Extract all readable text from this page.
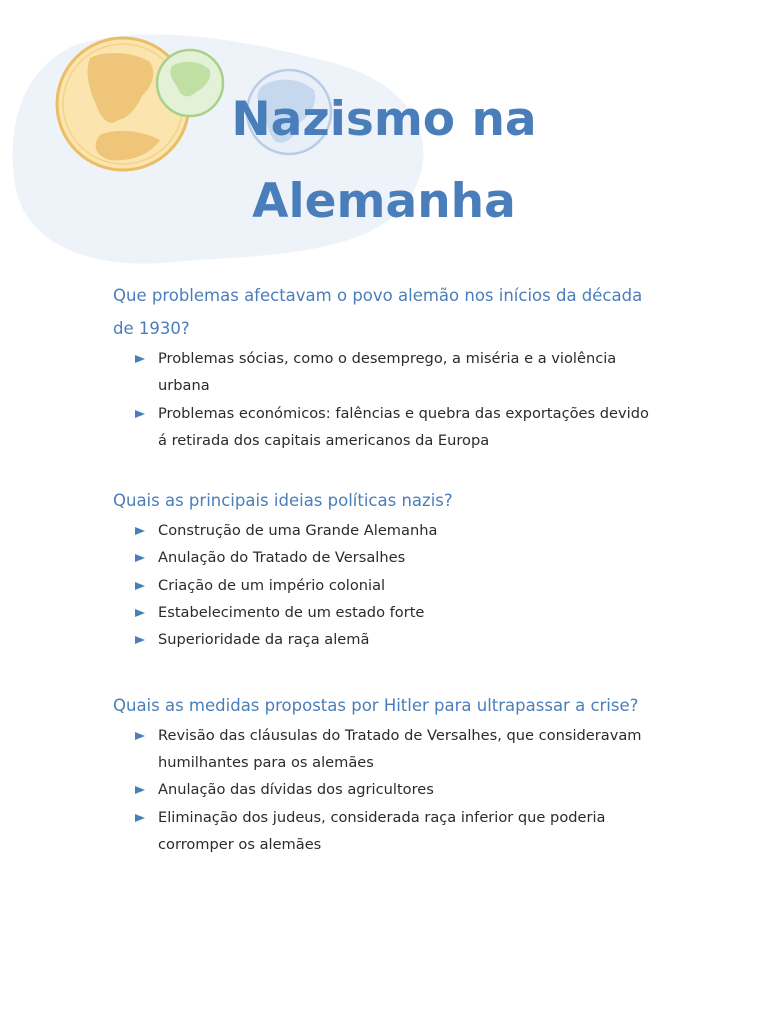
Nazismo na
Alemanha

Que problemas afectavam o povo alemão nos inícios da década de 1930?

Problemas sócias, como o desemprego, a miséria e a violência urbana
Problemas económicos: falências e quebra das exportações devido á retirada dos capitais americanos da Europa

Quais as principais ideias políticas nazis?

Construção de uma Grande Alemanha
Anulação do Tratado de Versalhes
Criação de um império colonial
Estabelecimento de um estado forte
Superioridade da raça alemã

Quais as medidas propostas por Hitler para ultrapassar a crise?

Revisão das cláusulas do Tratado de Versalhes, que consideravam humilhantes para os alemães
Anulação das dívidas dos agricultores
Eliminação dos judeus, considerada raça inferior que poderia corromper os alemães
